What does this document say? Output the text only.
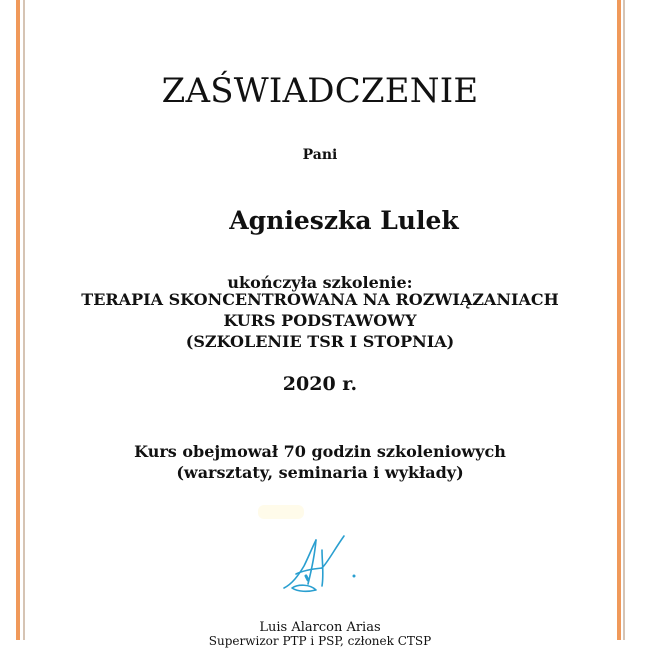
ZAŚWIADCZENIE
Pani
Agnieszka Lulek
ukończyła szkolenie:
TERAPIA SKONCENTROWANA NA ROZWIĄZANIACH
KURS PODSTAWOWY
(SZKOLENIE TSR I STOPNIA)
2020 r.
Kurs obejmował 70 godzin szkoleniowych
(warsztaty, seminaria i wykłady)
Luis Alarcon Arias
Superwizor PTP i PSP, członek CTSP
